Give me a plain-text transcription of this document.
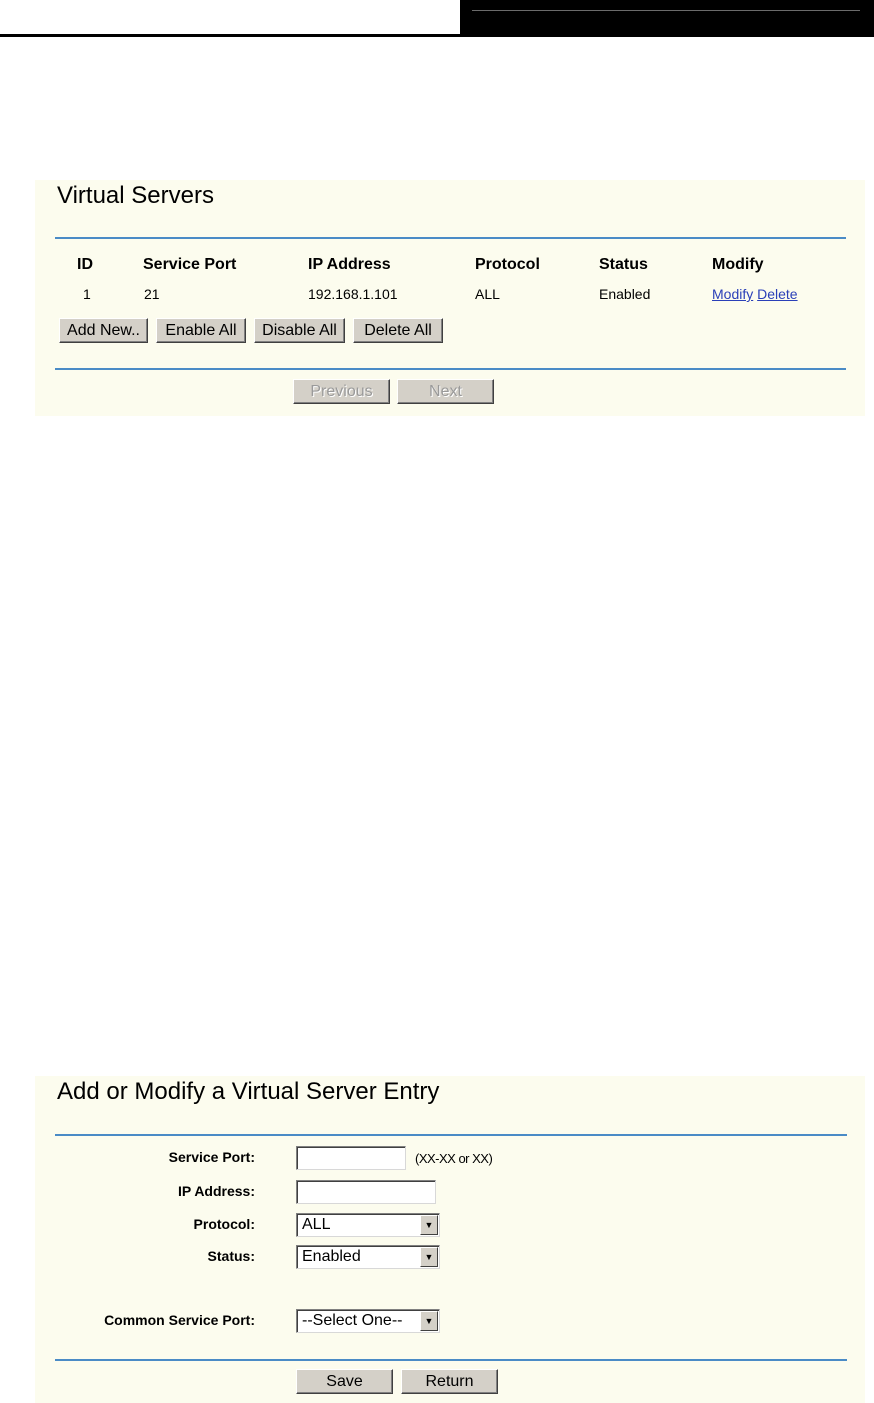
Virtual Servers
ID	Service Port	IP Address	Protocol	Status	Modify
1	21	192.168.1.101	ALL	Enabled	Modify Delete
Add New..	Enable All	Disable All	Delete All
Previous	Next
Add or Modify a Virtual Server Entry
Service Port:	(XX-XX or XX)
IP Address:
Protocol:	ALL	▼
Status:	Enabled	▼
Common Service Port:	--Select One--	▼
Save	Return
